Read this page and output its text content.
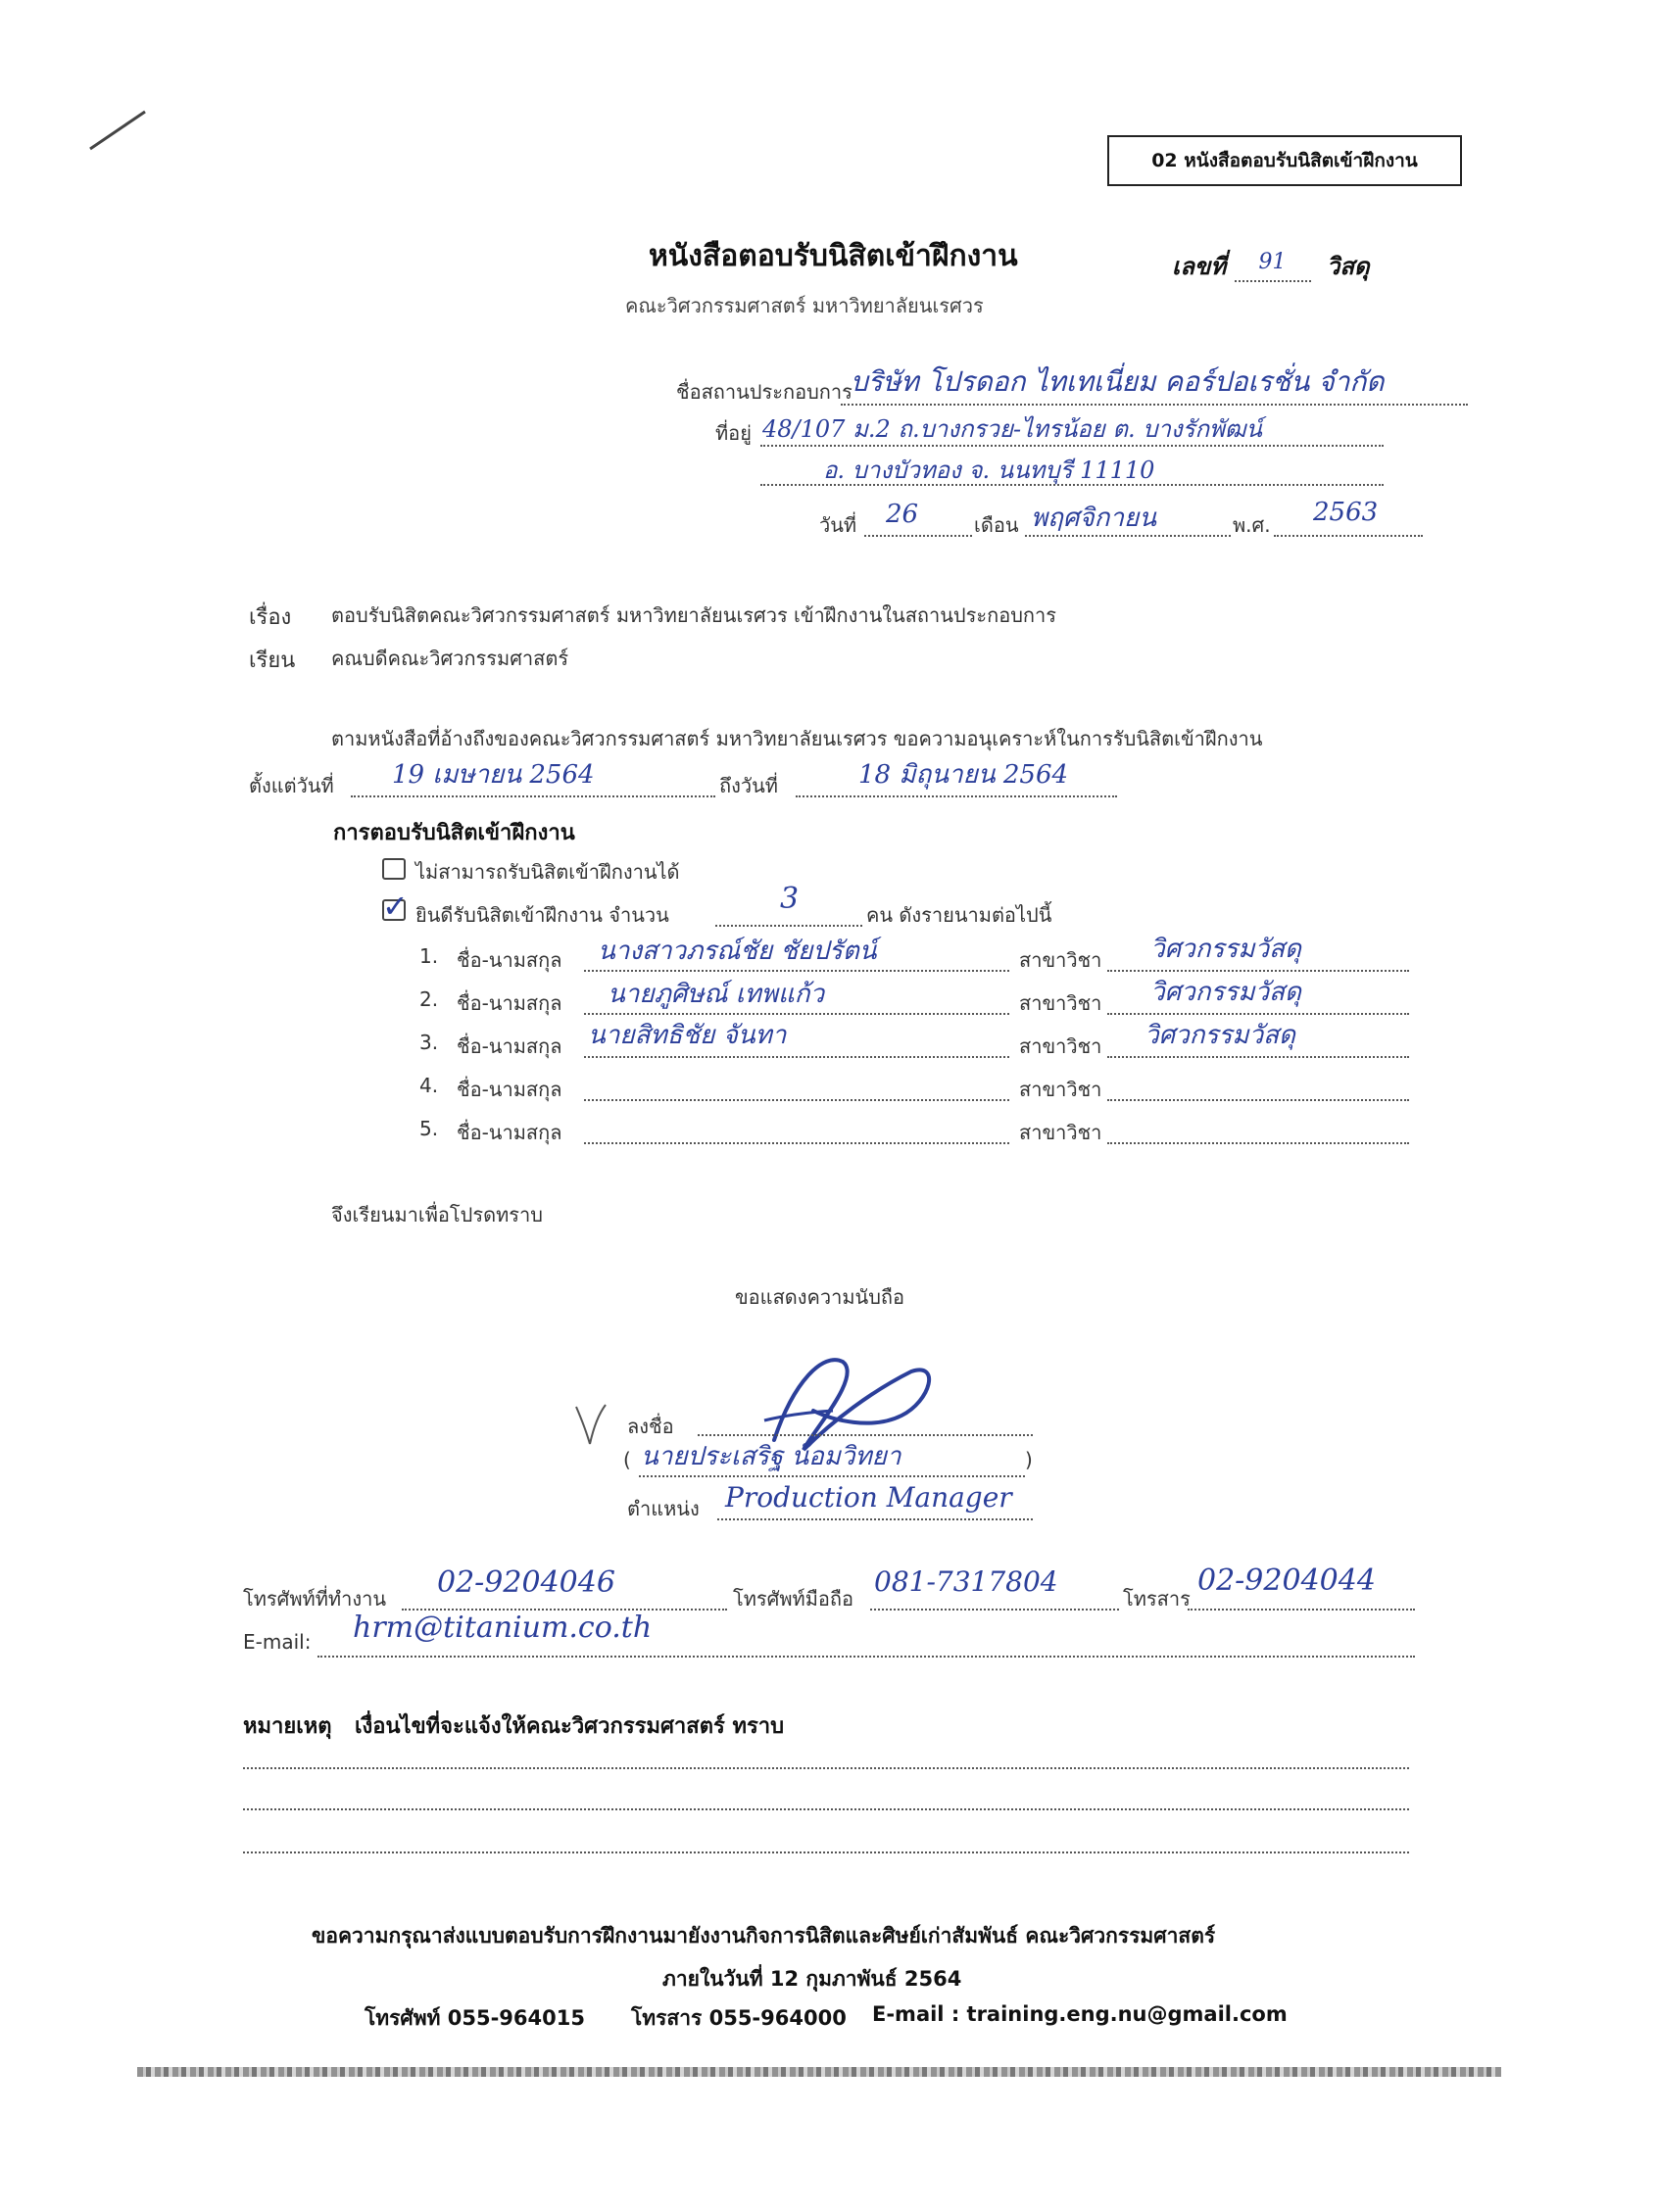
02 หนังสือตอบรับนิสิตเข้าฝึกงาน
หนังสือตอบรับนิสิตเข้าฝึกงาน	เลขที่ 91 วิสดุ
คณะวิศวกรรมศาสตร์ มหาวิทยาลัยนเรศวร
ชื่อสถานประกอบการ
บริษัท โปรดอก ไทเทเนี่ยม คอร์ปอเรชั่น จำกัด
ที่อยู่ 48/107 ม.2 ถ.บางกรวย-ไทรน้อย ต. บางรักพัฒน์
อ. บางบัวทอง จ. นนทบุรี 11110
วันที่ 26	เดือน พฤศจิกายน	พ.ศ. 2563
เรื่อง ตอบรับนิสิตคณะวิศวกรรมศาสตร์ มหาวิทยาลัยนเรศวร เข้าฝึกงานในสถานประกอบการ
เรียน คณบดีคณะวิศวกรรมศาสตร์
ตามหนังสือที่อ้างถึงของคณะวิศวกรรมศาสตร์ มหาวิทยาลัยนเรศวร ขอความอนุเคราะห์ในการรับนิสิตเข้าฝึกงาน
ตั้งแต่วันที่ 19 เมษายน 2564	ถึงวันที่	18 มิถุนายน 2564
การตอบรับนิสิตเข้าฝึกงาน
ไม่สามารถรับนิสิตเข้าฝึกงานได้
✓ ยินดีรับนิสิตเข้าฝึกงาน จำนวน	3	คน ดังรายนามต่อไปนี้
1. ชื่อ-นามสกุล นางสาวภรณ์ชัย ชัยปรัตน์	สาขาวิชา วิศวกรรมวัสดุ
2. ชื่อ-นามสกุล นายภูศิษณ์ เทพแก้ว	สาขาวิชา วิศวกรรมวัสดุ
3. ชื่อ-นามสกุล นายสิทธิชัย จันทา	สาขาวิชา วิศวกรรมวัสดุ
4. ชื่อ-นามสกุล	สาขาวิชา
5. ชื่อ-นามสกุล	สาขาวิชา
จึงเรียนมาเพื่อโปรดทราบ
ขอแสดงความนับถือ
ลงชื่อ
( นายประเสริฐ น้อมวิทยา	)
ตำแหน่ง Production Manager
โทรศัพท์ที่ทำงาน 02-9204046	โทรศัพท์มือถือ
081-7317804
โทรสาร
02-9204044
E-mail: hrm@titanium.co.th
หมายเหตุ เงื่อนไขที่จะแจ้งให้คณะวิศวกรรมศาสตร์ ทราบ
ขอความกรุณาส่งแบบตอบรับการฝึกงานมายังงานกิจการนิสิตและศิษย์เก่าสัมพันธ์ คณะวิศวกรรมศาสตร์
ภายในวันที่ 12 กุมภาพันธ์ 2564
โทรศัพท์ 055-964015 โทรสาร 055-964000 E-mail : training.eng.nu@gmail.com
